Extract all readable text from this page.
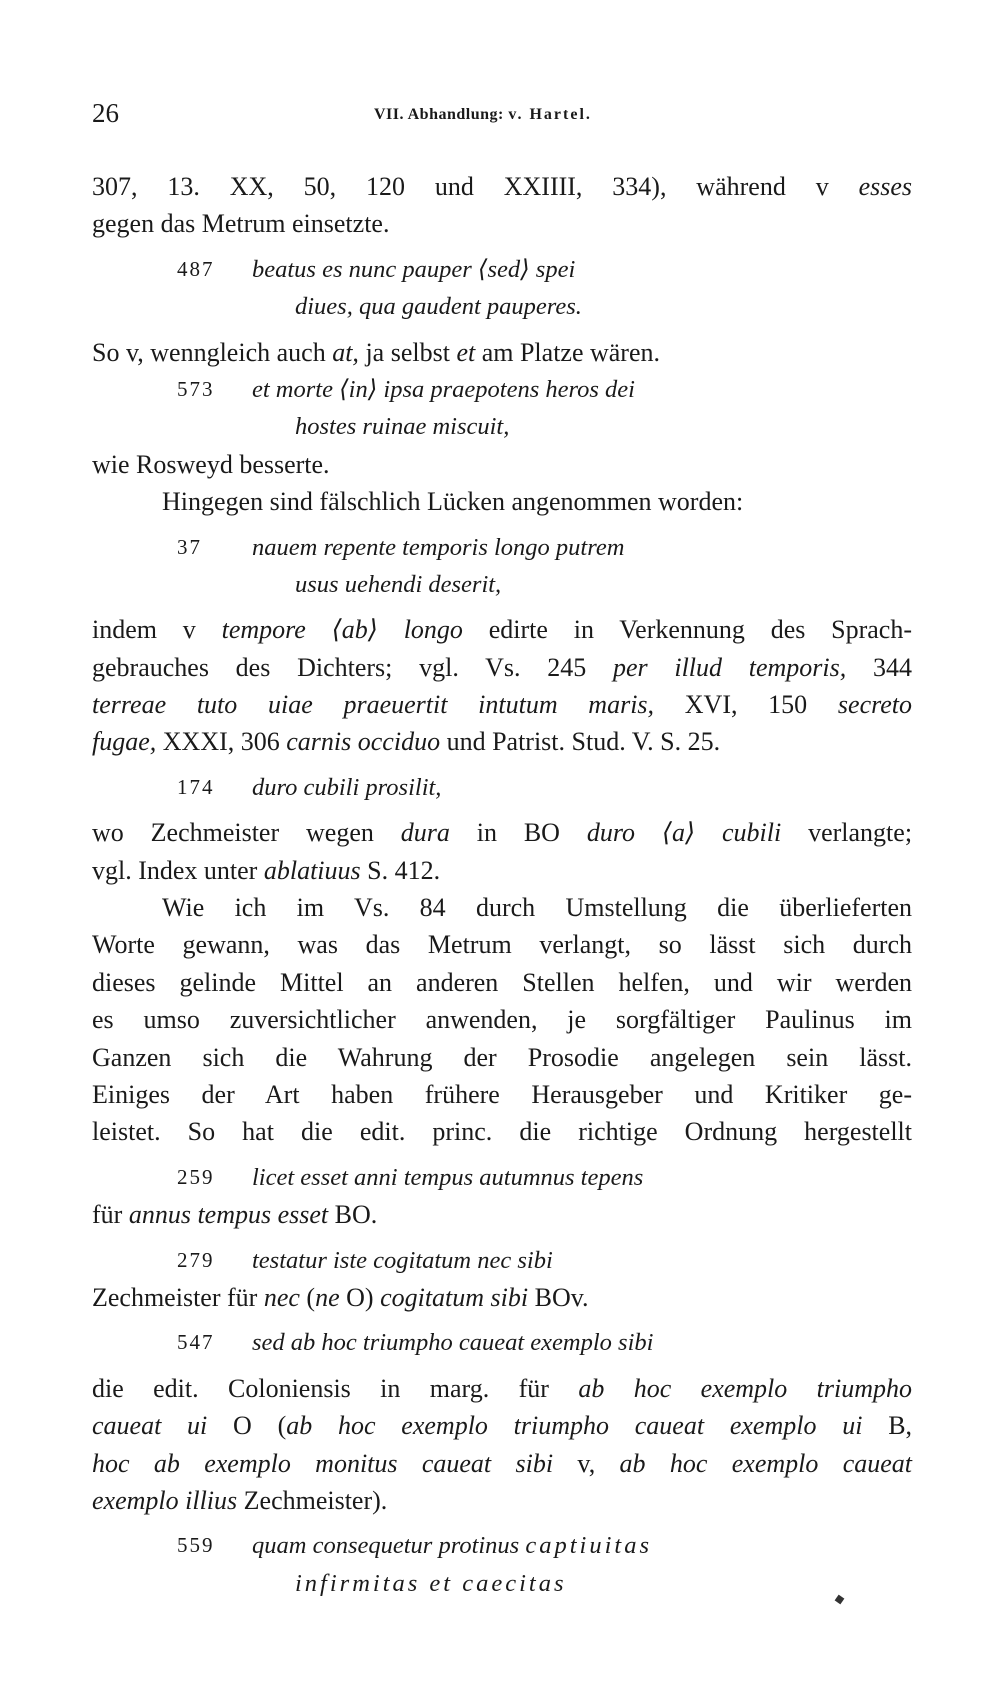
26	VII. Abhandlung: v. Hartel.
307, 13. XX, 50, 120 und XXIIII, 334), während v esses
gegen das Metrum einsetzte.
487 beatus es nunc pauper ⟨sed⟩ spei
diues, qua gaudent pauperes.
So v, wenngleich auch at, ja selbst et am Platze wären.
573 et morte ⟨in⟩ ipsa praepotens heros dei
hostes ruinae miscuit,
wie Rosweyd besserte.
Hingegen sind fälschlich Lücken angenommen worden:
37 nauem repente temporis longo putrem
usus uehendi deserit,
indem v tempore ⟨ab⟩ longo edirte in Verkennung des Sprach-
gebrauches des Dichters; vgl. Vs. 245 per illud temporis, 344
terreae tuto uiae praeuertit intutum maris, XVI, 150 secreto
fugae, XXXI, 306 carnis occiduo und Patrist. Stud. V. S. 25.
174 duro cubili prosilit,
wo Zechmeister wegen dura in BO duro ⟨a⟩ cubili verlangte;
vgl. Index unter ablatiuus S. 412.
Wie ich im Vs. 84 durch Umstellung die überlieferten
Worte gewann, was das Metrum verlangt, so lässt sich durch
dieses gelinde Mittel an anderen Stellen helfen, und wir werden
es umso zuversichtlicher anwenden, je sorgfältiger Paulinus im
Ganzen sich die Wahrung der Prosodie angelegen sein lässt.
Einiges der Art haben frühere Herausgeber und Kritiker ge-
leistet. So hat die edit. princ. die richtige Ordnung hergestellt
259 licet esset anni tempus autumnus tepens
für annus tempus esset BO.
279 testatur iste cogitatum nec sibi
Zechmeister für nec (ne O) cogitatum sibi BOv.
547 sed ab hoc triumpho caueat exemplo sibi
die edit. Coloniensis in marg. für ab hoc exemplo triumpho
caueat ui O (ab hoc exemplo triumpho caueat exemplo ui B,
hoc ab exemplo monitus caueat sibi v, ab hoc exemplo caueat
exemplo illius Zechmeister).
559 quam consequetur protinus captiuitas
infirmitas et caecitas
